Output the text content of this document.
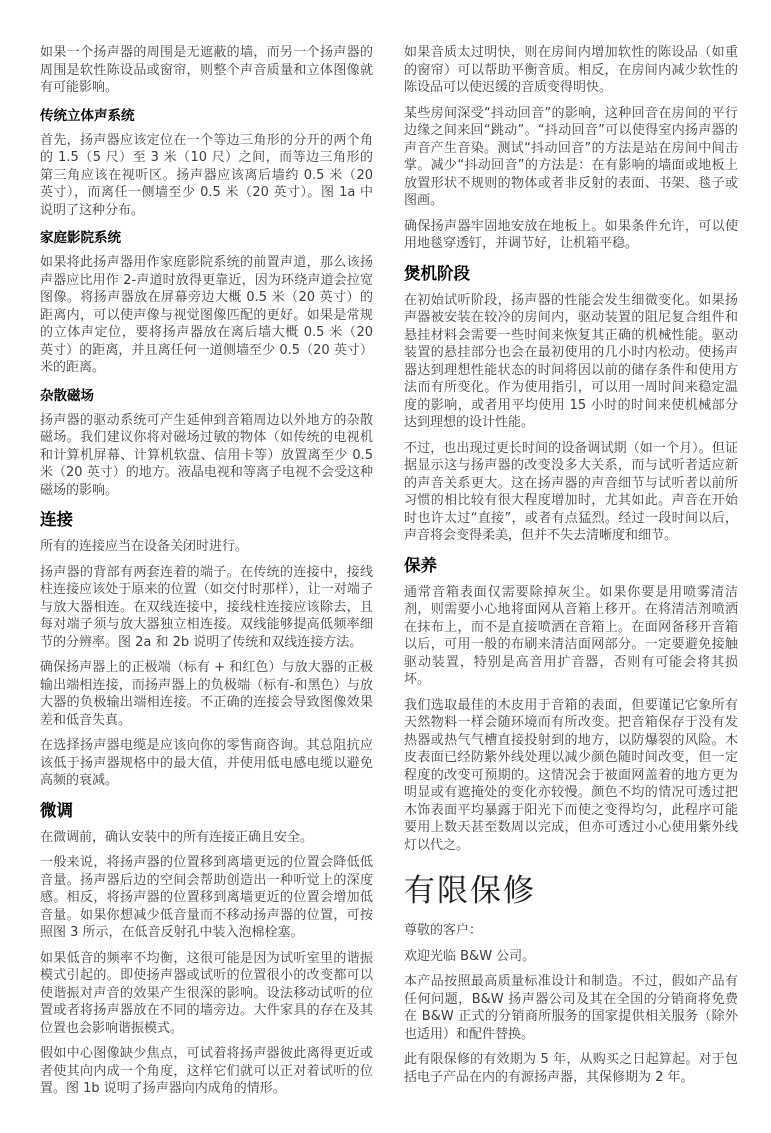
如果一个扬声器的周围是无遮蔽的墙，而另一个扬声器的周围是软性陈设品或窗帘，则整个声音质量和立体图像就有可能影响。

传统立体声系统

首先，扬声器应该定位在一个等边三角形的分开的两个角的 1.5（5 尺）至 3 米（10 尺）之间，而等边三角形的第三角应该在视听区。扬声器应该离后墙约 0.5 米（20 英寸），而离任一侧墙至少 0.5 米（20 英寸）。图 1a 中说明了这种分布。

家庭影院系统

如果将此扬声器用作家庭影院系统的前置声道，那么该扬声器应比用作 2-声道时放得更靠近，因为环绕声道会拉宽图像。将扬声器放在屏幕旁边大概 0.5 米（20 英寸）的距离内，可以使声像与视觉图像匹配的更好。如果是常规的立体声定位，要将扬声器放在离后墙大概 0.5 米（20 英寸）的距离，并且离任何一道侧墙至少 0.5（20 英寸）米的距离。

杂散磁场

扬声器的驱动系统可产生延伸到音箱周边以外地方的杂散磁场。我们建议你将对磁场过敏的物体（如传统的电视机和计算机屏幕、计算机软盘、信用卡等）放置离至少 0.5 米（20 英寸）的地方。液晶电视和等离子电视不会受这种磁场的影响。

连接

所有的连接应当在设备关闭时进行。

扬声器的背部有两套连着的端子。在传统的连接中，接线柱连接应该处于原来的位置（如交付时那样），让一对端子与放大器相连。在双线连接中，接线柱连接应该除去，且每对端子须与放大器独立相连接。双线能够提高低频率细节的分辨率。图 2a 和 2b 说明了传统和双线连接方法。

确保扬声器上的正极端（标有 + 和红色）与放大器的正极输出端相连接，而扬声器上的负极端（标有-和黑色）与放大器的负极输出端相连接。不正确的连接会导致图像效果差和低音失真。

在选择扬声器电缆是应该向你的零售商咨询。其总阻抗应该低于扬声器规格中的最大值，并使用低电感电缆以避免高频的衰减。

微调

在微调前，确认安装中的所有连接正确且安全。

一般来说，将扬声器的位置移到离墙更远的位置会降低低音量。扬声器后边的空间会帮助创造出一种听觉上的深度感。相反，将扬声器的位置移到离墙更近的位置会增加低音量。如果你想减少低音量而不移动扬声器的位置，可按照图 3 所示，在低音反射孔中装入泡棉栓塞。

如果低音的频率不均衡，这很可能是因为试听室里的谐振模式引起的。即使扬声器或试听的位置很小的改变都可以使谐振对声音的效果产生很深的影响。设法移动试听的位置或者将扬声器放在不同的墙旁边。大件家具的存在及其位置也会影响谐振模式。

假如中心图像缺少焦点，可试着将扬声器彼此离得更近或者使其向内成一个角度，这样它们就可以正对着试听的位置。图 1b 说明了扬声器向内成角的情形。

如果音质太过明快，则在房间内增加软性的陈设品（如重的窗帘）可以帮助平衡音质。相反，在房间内减少软性的陈设品可以使迟缓的音质变得明快。

某些房间深受“抖动回音”的影响，这种回音在房间的平行边缘之间来回“跳动”。“抖动回音”可以使得室内扬声器的声音产生音染。测试“抖动回音”的方法是站在房间中间击掌。减少“抖动回音”的方法是：在有影响的墙面或地板上放置形状不规则的物体或者非反射的表面、书架、毯子或图画。

确保扬声器牢固地安放在地板上。如果条件允许，可以使用地毯穿透钉，并调节好，让机箱平稳。

煲机阶段

在初始试听阶段，扬声器的性能会发生细微变化。如果扬声器被安装在较冷的房间内，驱动装置的阻尼复合组件和悬挂材料会需要一些时间来恢复其正确的机械性能。驱动装置的悬挂部分也会在最初使用的几小时内松动。使扬声器达到理想性能状态的时间将因以前的储存条件和使用方法而有所变化。作为使用指引，可以用一周时间来稳定温度的影响，或者用平均使用 15 小时的时间来使机械部分达到理想的设计性能。

不过，也出现过更长时间的设备调试期（如一个月）。但证据显示这与扬声器的改变没多大关系，而与试听者适应新的声音关系更大。这在扬声器的声音细节与试听者以前所习惯的相比较有很大程度增加时，尤其如此。声音在开始时也许太过“直接”，或者有点猛烈。经过一段时间以后，声音将会变得柔美，但并不失去清晰度和细节。

保养

通常音箱表面仅需要除掉灰尘。如果你要是用喷雾清洁剂，则需要小心地将面网从音箱上移开。在将清洁剂喷洒在抹布上，而不是直接喷洒在音箱上。在面网备移开音箱以后，可用一般的布刷来清洁面网部分。一定要避免接触驱动装置，特别是高音用扩音器，否则有可能会将其损坏。

我们选取最佳的木皮用于音箱的表面，但要谨记它象所有天然物料一样会随环境而有所改变。把音箱保存于没有发热器或热气气槽直接投射到的地方，以防爆裂的风险。木皮表面已经防紫外线处理以减少颜色随时间改变，但一定程度的改变可预期的。这情况会于被面网盖着的地方更为明显或有遮掩处的变化亦较慢。颜色不均的情况可透过把木饰表面平均暴露于阳光下而使之变得均匀，此程序可能要用上数天甚至数周以完成，但亦可透过小心使用紫外线灯以代之。

有限保修

尊敬的客户：

欢迎光临 B&W 公司。

本产品按照最高质量标准设计和制造。不过，假如产品有任何问题，B&W 扬声器公司及其在全国的分销商将免费在 B&W 正式的分销商所服务的国家提供相关服务（除外也适用）和配件替换。

此有限保修的有效期为 5 年，从购买之日起算起。对于包括电子产品在内的有源扬声器，其保修期为 2 年。
